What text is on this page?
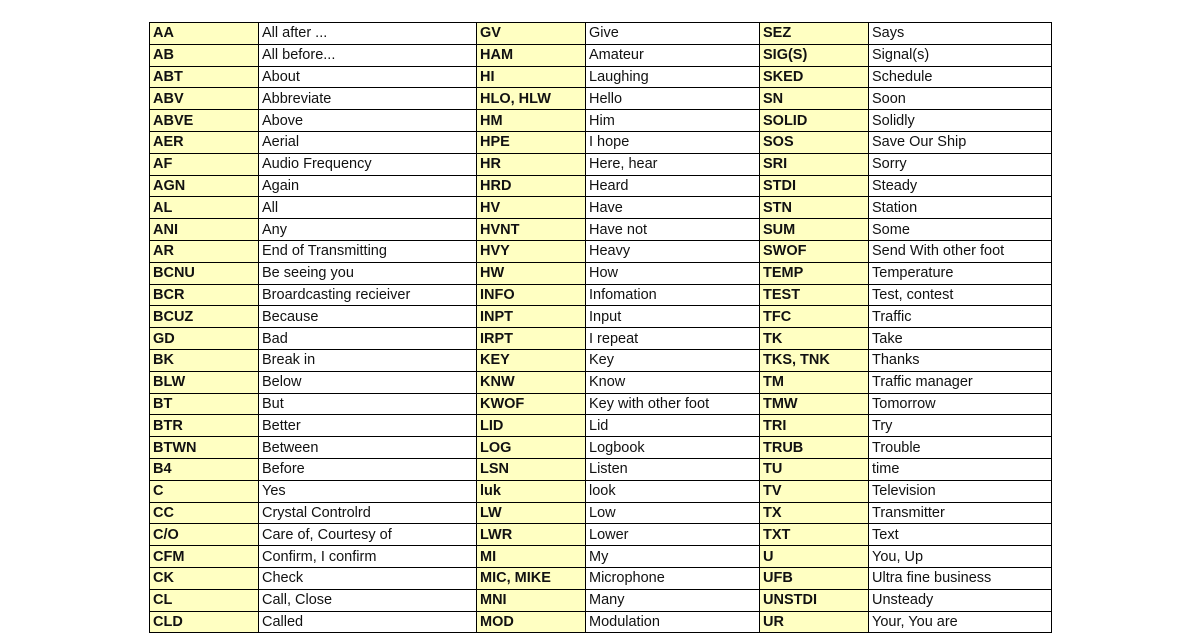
AA	All after ...	GV	Give	SEZ	Says
AB	All before...	HAM	Amateur	SIG(S)	Signal(s)
ABT	About	HI	Laughing	SKED	Schedule
ABV	Abbreviate	HLO, HLW	Hello	SN	Soon
ABVE	Above	HM	Him	SOLID	Solidly
AER	Aerial	HPE	I hope	SOS	Save Our Ship
AF	Audio Frequency	HR	Here, hear	SRI	Sorry
AGN	Again	HRD	Heard	STDI	Steady
AL	All	HV	Have	STN	Station
ANI	Any	HVNT	Have not	SUM	Some
AR	End of Transmitting	HVY	Heavy	SWOF	Send With other foot
BCNU	Be seeing you	HW	How	TEMP	Temperature
BCR	Broardcasting recieiver	INFO	Infomation	TEST	Test, contest
BCUZ	Because	INPT	Input	TFC	Traffic
GD	Bad	IRPT	I repeat	TK	Take
BK	Break in	KEY	Key	TKS, TNK	Thanks
BLW	Below	KNW	Know	TM	Traffic manager
BT	But	KWOF	Key with other foot	TMW	Tomorrow
BTR	Better	LID	Lid	TRI	Try
BTWN	Between	LOG	Logbook	TRUB	Trouble
B4	Before	LSN	Listen	TU	time
C	Yes	luk	look	TV	Television
CC	Crystal Controlrd	LW	Low	TX	Transmitter
C/O	Care of, Courtesy of	LWR	Lower	TXT	Text
CFM	Confirm, I confirm	MI	My	U	You, Up
CK	Check	MIC, MIKE	Microphone	UFB	Ultra fine business
CL	Call, Close	MNI	Many	UNSTDI	Unsteady
CLD	Called	MOD	Modulation	UR	Your, You are
